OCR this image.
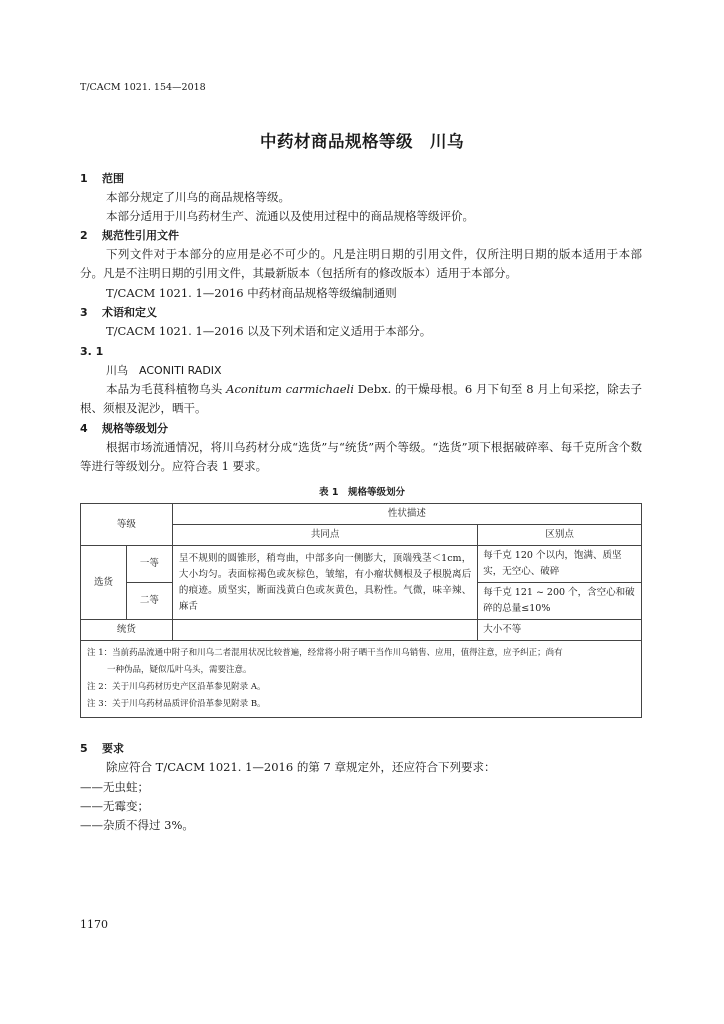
T/CACM 1021. 154—2018
中药材商品规格等级　川乌
1 范围
本部分规定了川乌的商品规格等级。
本部分适用于川乌药材生产、流通以及使用过程中的商品规格等级评价。
2 规范性引用文件
下列文件对于本部分的应用是必不可少的。凡是注明日期的引用文件，仅所注明日期的版本适用于本部分。凡是不注明日期的引用文件，其最新版本（包括所有的修改版本）适用于本部分。
T/CACM 1021. 1—2016 中药材商品规格等级编制通则
3 术语和定义
T/CACM 1021. 1—2016 以及下列术语和定义适用于本部分。
3. 1
川乌　ACONITI RADIX
本品为毛茛科植物乌头 Aconitum carmichaeli Debx. 的干燥母根。6 月下旬至 8 月上旬采挖，除去子根、须根及泥沙，晒干。
4 规格等级划分
根据市场流通情况，将川乌药材分成“选货”与“统货”两个等级。“选货”项下根据破碎率、每千克所含个数等进行等级划分。应符合表 1 要求。
表 1　规格等级划分
等级		性状描述	
		共同点	区别点
选货	一等	呈不规则的圆锥形，稍弯曲，中部多向一侧膨大，顶端残茎＜1cm，大小均匀。表面棕褐色或灰棕色，皱缩，有小瘤状侧根及子根脱离后的痕迹。质坚实，断面浅黄白色或灰黄色，具粉性。气微，味辛辣、麻舌	每千克 120 个以内，饱满、质坚实，无空心、破碎
	二等		每千克 121 ~ 200 个，含空心和破碎的总量≤10%
统货			大小不等

注 1：当前药品流通中附子和川乌二者混用状况比较普遍，经常将小附子晒干当作川乌销售、应用，值得注意，应予纠正；尚有
一种伪品，疑似瓜叶乌头，需要注意。
注 2：关于川乌药材历史产区沿革参见附录 A。
注 3：关于川乌药材品质评价沿革参见附录 B。			
5 要求
除应符合 T/CACM 1021. 1—2016 的第 7 章规定外，还应符合下列要求：
——无虫蛀；
——无霉变；
——杂质不得过 3%。
1170
